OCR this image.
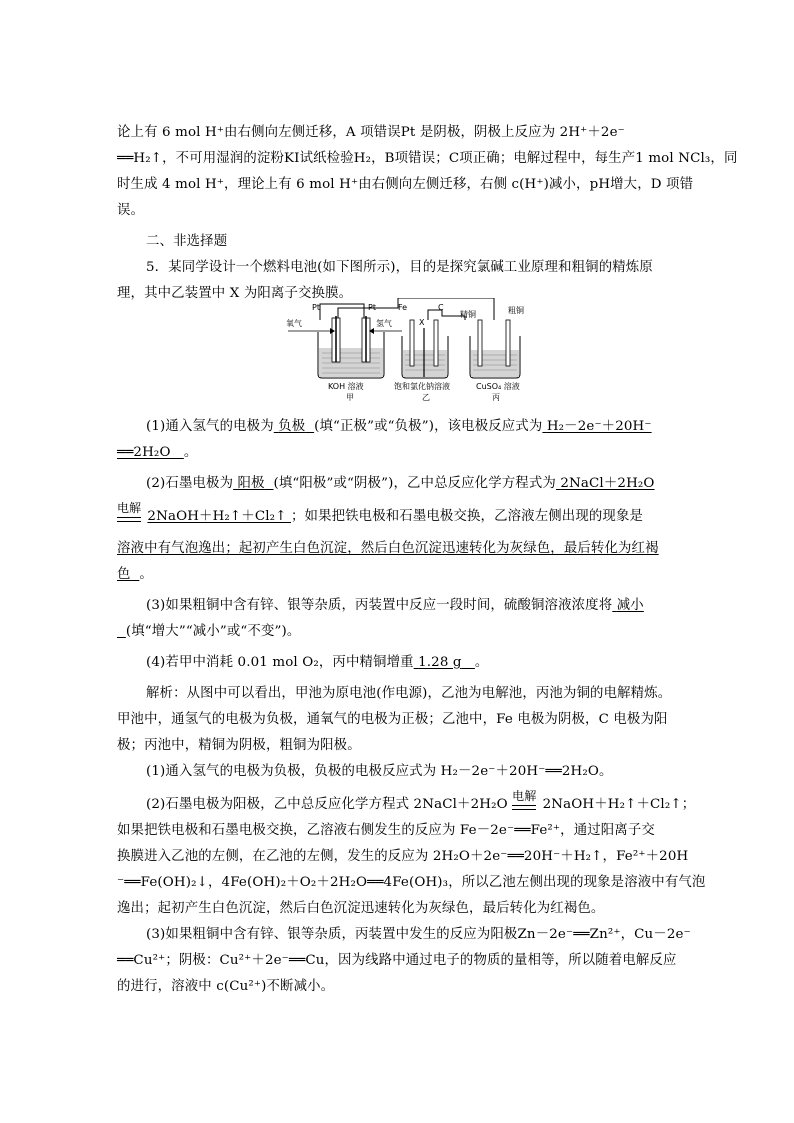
论上有 6 mol H⁺由右侧向左侧迁移，A 项错误Pt 是阴极，阴极上反应为 2H⁺＋2e⁻
══H₂↑，不可用湿润的淀粉KI试纸检验H₂，B项错误；C项正确；电解过程中，每生产1 mol NCl₃，同
时生成 4 mol H⁺，理论上有 6 mol H⁺由右侧向左侧迁移，右侧 c(H⁺)减小，pH增大，D 项错
误。
二、非选择题
5．某同学设计一个燃料电池(如下图所示)，目的是探究氯碱工业原理和粗铜的精炼原
理，其中乙装置中 X 为阳离子交换膜。
Pt	Pt	Fe	C
X
精铜	粗铜
氧气	氢气
KOH 溶液
甲
饱和氯化钠溶液
乙
CuSO₄ 溶液
丙
(1)通入氢气的电极为 负极 (填“正极”或“负极”)，该电极反应式为 H₂－2e⁻＋20H⁻
══2H₂O 。
(2)石墨电极为 阳极 (填“阳极”或“阴极”)，乙中总反应化学方程式为 2NaCl＋2H₂O
电解
2NaOH＋H₂↑＋Cl₂↑ ；如果把铁电极和石墨电极交换，乙溶液左侧出现的现象是
溶液中有气泡逸出；起初产生白色沉淀，然后白色沉淀迅速转化为灰绿色，最后转化为红褐
色 。
(3)如果粗铜中含有锌、银等杂质，丙装置中反应一段时间，硫酸铜溶液浓度将 减小
(填“增大”“减小”或“不变”)。
(4)若甲中消耗 0.01 mol O₂，丙中精铜增重 1.28 g 。
解析：从图中可以看出，甲池为原电池(作电源)，乙池为电解池，丙池为铜的电解精炼。
甲池中，通氢气的电极为负极，通氧气的电极为正极；乙池中，Fe 电极为阴极，C 电极为阳
极；丙池中，精铜为阴极，粗铜为阳极。
(1)通入氢气的电极为负极，负极的电极反应式为 H₂－2e⁻＋20H⁻══2H₂O。
(2)石墨电极为阳极，乙中总反应化学方程式 2NaCl＋2H₂O
电解
2NaOH＋H₂↑＋Cl₂↑；
如果把铁电极和石墨电极交换，乙溶液右侧发生的反应为 Fe－2e⁻══Fe²⁺，通过阳离子交
换膜进入乙池的左侧，在乙池的左侧，发生的反应为 2H₂O＋2e⁻══20H⁻＋H₂↑，Fe²⁺＋20H
⁻══Fe(OH)₂↓，4Fe(OH)₂＋O₂＋2H₂O══4Fe(OH)₃，所以乙池左侧出现的现象是溶液中有气泡
逸出；起初产生白色沉淀，然后白色沉淀迅速转化为灰绿色，最后转化为红褐色。
(3)如果粗铜中含有锌、银等杂质，丙装置中发生的反应为阳极Zn－2e⁻══Zn²⁺，Cu－2e⁻
══Cu²⁺；阴极：Cu²⁺＋2e⁻══Cu，因为线路中通过电子的物质的量相等，所以随着电解反应
的进行，溶液中 c(Cu²⁺)不断减小。
